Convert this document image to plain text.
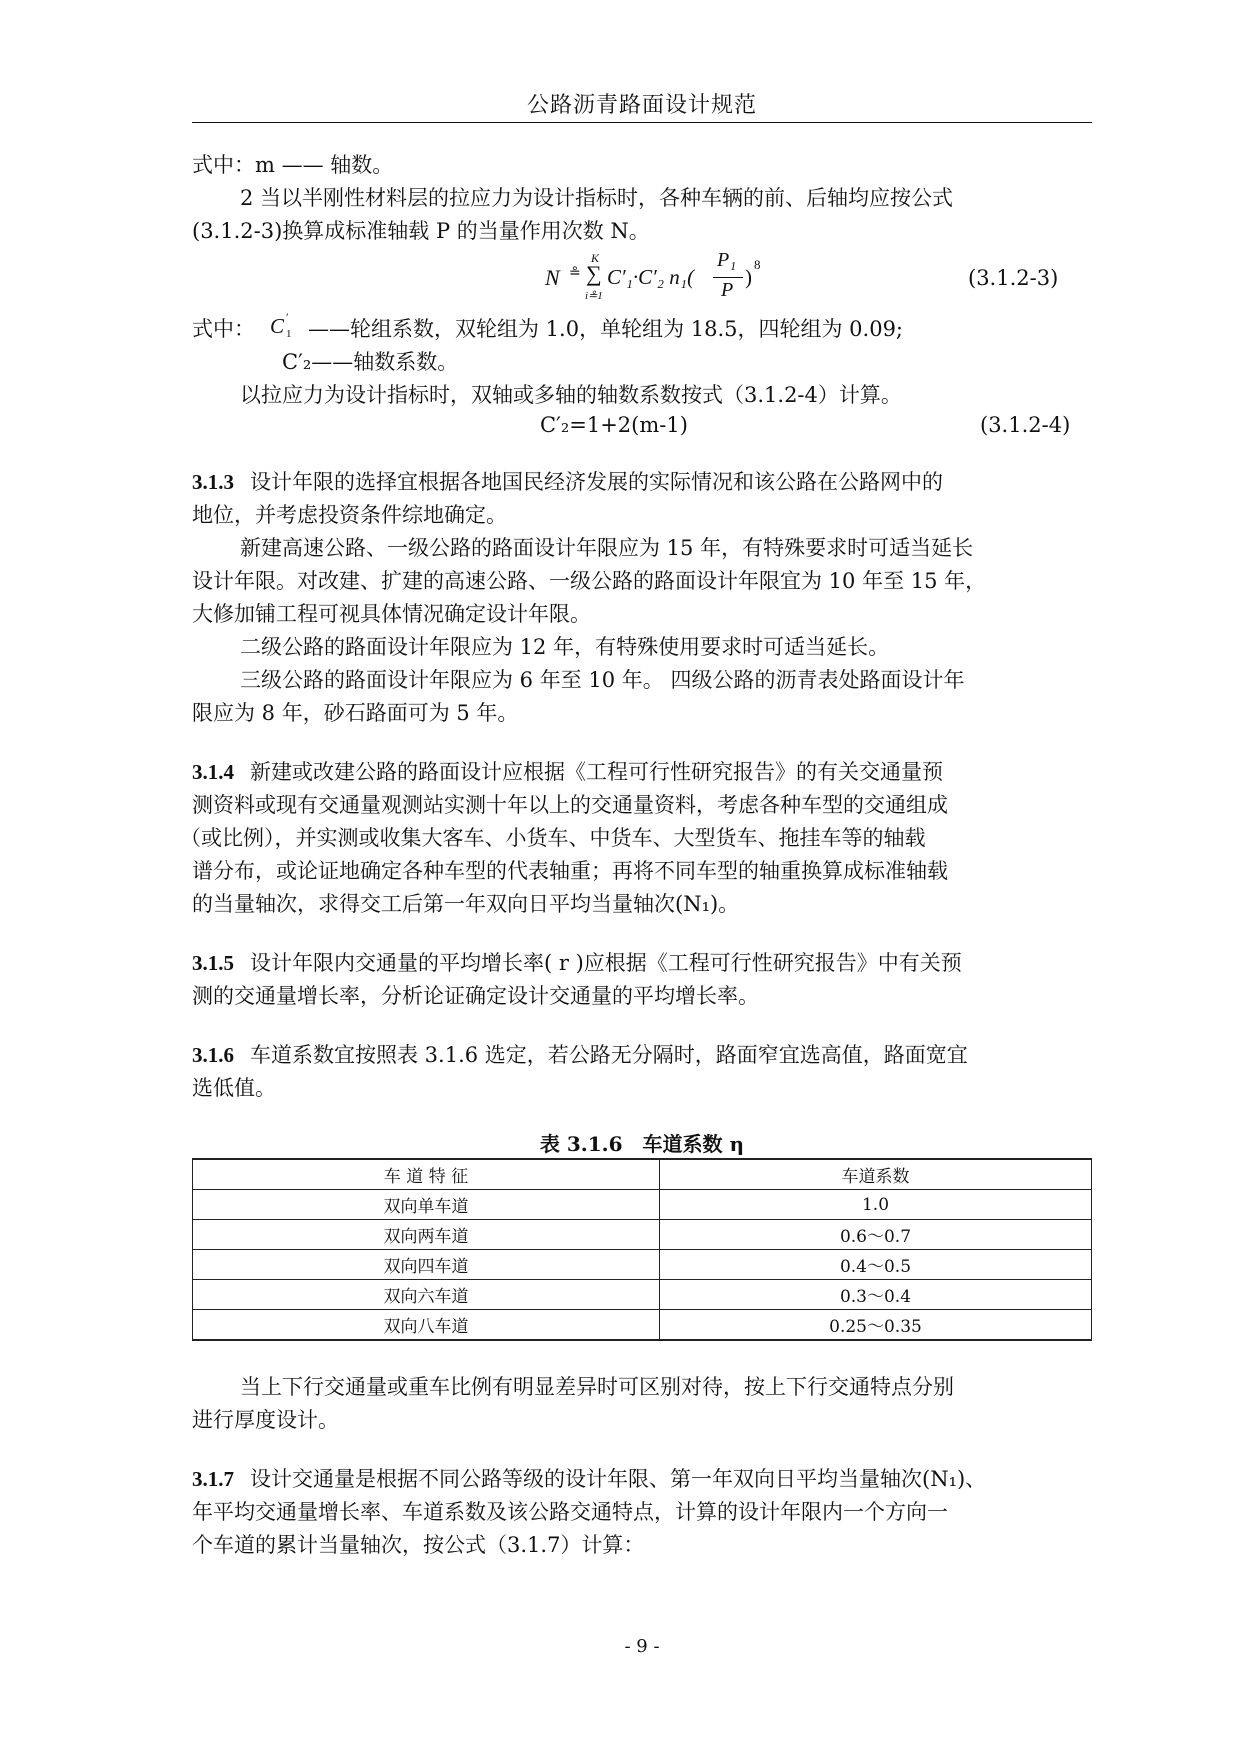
公路沥青路面设计规范
式中：m —— 轴数。
2 当以半刚性材料层的拉应力为设计指标时，各种车辆的前、后轴均应按公式
(3.1.2-3)换算成标准轴载 P 的当量作用次数 N。
N ≗
K
∑
i≗1
C′₁·C′₂ n₁(
P₁
P
)
8
(3.1.2-3)
式中： C ′
1 ——轮组系数，双轮组为 1.0，单轮组为 18.5，四轮组为 0.09;
C′₂——轴数系数。
以拉应力为设计指标时，双轴或多轴的轴数系数按式（3.1.2-4）计算。
C′₂=1+2(m-1)	(3.1.2-4)
3.1.3 设计年限的选择宜根据各地国民经济发展的实际情况和该公路在公路网中的
地位，并考虑投资条件综地确定。
新建高速公路、一级公路的路面设计年限应为 15 年，有特殊要求时可适当延长
设计年限。对改建、扩建的高速公路、一级公路的路面设计年限宜为 10 年至 15 年，
大修加铺工程可视具体情况确定设计年限。
二级公路的路面设计年限应为 12 年，有特殊使用要求时可适当延长。
三级公路的路面设计年限应为 6 年至 10 年。 四级公路的沥青表处路面设计年
限应为 8 年，砂石路面可为 5 年。
3.1.4 新建或改建公路的路面设计应根据《工程可行性研究报告》的有关交通量预
测资料或现有交通量观测站实测十年以上的交通量资料，考虑各种车型的交通组成
（或比例），并实测或收集大客车、小货车、中货车、大型货车、拖挂车等的轴载
谱分布，或论证地确定各种车型的代表轴重；再将不同车型的轴重换算成标准轴载
的当量轴次，求得交工后第一年双向日平均当量轴次(N₁)。
3.1.5 设计年限内交通量的平均增长率( r )应根据《工程可行性研究报告》中有关预
测的交通量增长率，分析论证确定设计交通量的平均增长率。
3.1.6 车道系数宜按照表 3.1.6 选定，若公路无分隔时，路面窄宜选高值，路面宽宜
选低值。
表 3.1.6　车道系数 η
车 道 特 征	车道系数
双向单车道	1.0
双向两车道	0.6～0.7
双向四车道	0.4～0.5
双向六车道	0.3～0.4
双向八车道	0.25～0.35
当上下行交通量或重车比例有明显差异时可区别对待，按上下行交通特点分别
进行厚度设计。
3.1.7 设计交通量是根据不同公路等级的设计年限、第一年双向日平均当量轴次(N₁)、
年平均交通量增长率、车道系数及该公路交通特点，计算的设计年限内一个方向一
个车道的累计当量轴次，按公式（3.1.7）计算：
- 9 -
